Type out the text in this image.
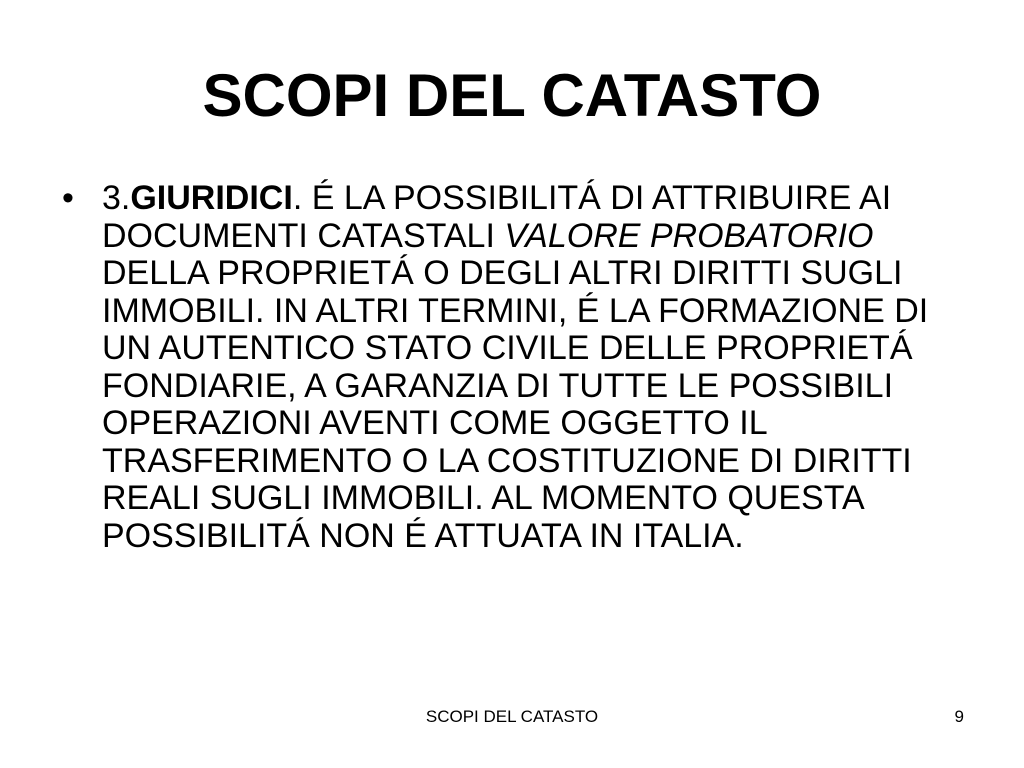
SCOPI DEL CATASTO
• 3.GIURIDICI. É LA POSSIBILITÁ DI ATTRIBUIRE AI DOCUMENTI CATASTALI VALORE PROBATORIO DELLA PROPRIETÁ O DEGLI ALTRI DIRITTI SUGLI IMMOBILI. IN ALTRI TERMINI, É LA FORMAZIONE DI UN AUTENTICO STATO CIVILE DELLE PROPRIETÁ FONDIARIE, A GARANZIA DI TUTTE LE POSSIBILI OPERAZIONI AVENTI COME OGGETTO IL TRASFERIMENTO O LA COSTITUZIONE DI DIRITTI REALI SUGLI IMMOBILI. AL MOMENTO QUESTA POSSIBILITÁ NON É ATTUATA IN ITALIA.
SCOPI DEL CATASTO	9
